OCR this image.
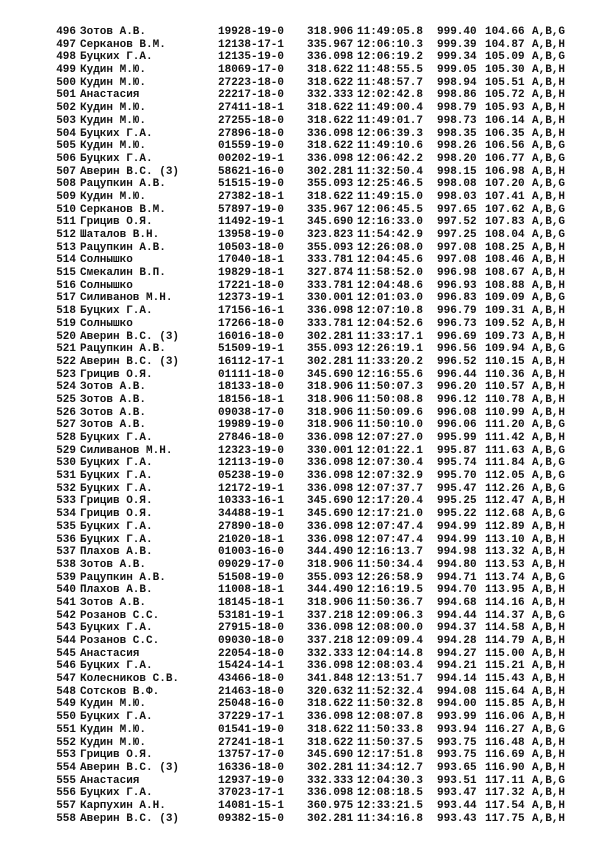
496 Зотов А.В.	19928-19-0 318.906 11:49:05.8 999.40 104.66 A,B,G
497 Серканов В.М.	12138-17-1 335.967 12:06:10.3 999.39 104.87 A,B,H
498 Буцких Г.А.	12135-19-0 336.098 12:06:19.2 999.34 105.09 A,B,G
499 Кудин М.Ю.	18069-17-0 318.622 11:48:55.5 999.05 105.30 A,B,H
500 Кудин М.Ю.	27223-18-0 318.622 11:48:57.7 998.94 105.51 A,B,H
501 Анастасия	22217-18-0 332.333 12:02:42.8 998.86 105.72 A,B,H
502 Кудин М.Ю.	27411-18-1 318.622 11:49:00.4 998.79 105.93 A,B,H
503 Кудин М.Ю.	27255-18-0 318.622 11:49:01.7 998.73 106.14 A,B,H
504 Буцких Г.А.	27896-18-0 336.098 12:06:39.3 998.35 106.35 A,B,H
505 Кудин М.Ю.	01559-19-0 318.622 11:49:10.6 998.26 106.56 A,B,G
506 Буцких Г.А.	00202-19-1 336.098 12:06:42.2 998.20 106.77 A,B,G
507 Аверин В.С. (3)	58621-16-0 302.281 11:32:50.4 998.15 106.98 A,B,H
508 Рацупкин А.В.	51515-19-0 355.093 12:25:46.5 998.08 107.20 A,B,G
509 Кудин М.Ю.	27382-18-1 318.622 11:49:15.0 998.03 107.41 A,B,H
510 Серканов В.М.	57897-19-0 335.967 12:06:45.5 997.65 107.62 A,B,G
511 Грицив О.Я.	11492-19-1 345.690 12:16:33.0 997.52 107.83 A,B,G
512 Шаталов В.Н.	13958-19-0 323.823 11:54:42.9 997.25 108.04 A,B,G
513 Рацупкин А.В.	10503-18-0 355.093 12:26:08.0 997.08 108.25 A,B,H
514 Солнышко	17040-18-1 333.781 12:04:45.6 997.08 108.46 A,B,H
515 Смекалин В.П.	19829-18-1 327.874 11:58:52.0 996.98 108.67 A,B,H
516 Солнышко	17221-18-0 333.781 12:04:48.6 996.93 108.88 A,B,H
517 Силиванов М.Н.	12373-19-1 330.001 12:01:03.0 996.83 109.09 A,B,G
518 Буцких Г.А.	17156-16-1 336.098 12:07:10.8 996.79 109.31 A,B,H
519 Солнышко	17266-18-0 333.781 12:04:52.6 996.73 109.52 A,B,H
520 Аверин В.С. (3)	16016-18-0 302.281 11:33:17.1 996.69 109.73 A,B,H
521 Рацупкин А.В.	51509-19-1 355.093 12:26:19.1 996.56 109.94 A,B,G
522 Аверин В.С. (3)	16112-17-1 302.281 11:33:20.2 996.52 110.15 A,B,H
523 Грицив О.Я.	01111-18-0 345.690 12:16:55.6 996.44 110.36 A,B,H
524 Зотов А.В.	18133-18-0 318.906 11:50:07.3 996.20 110.57 A,B,H
525 Зотов А.В.	18156-18-1 318.906 11:50:08.8 996.12 110.78 A,B,H
526 Зотов А.В.	09038-17-0 318.906 11:50:09.6 996.08 110.99 A,B,H
527 Зотов А.В.	19989-19-0 318.906 11:50:10.0 996.06 111.20 A,B,G
528 Буцких Г.А.	27846-18-0 336.098 12:07:27.0 995.99 111.42 A,B,H
529 Силиванов М.Н.	12323-19-0 330.001 12:01:22.1 995.87 111.63 A,B,G
530 Буцких Г.А.	12113-19-0 336.098 12:07:30.4 995.74 111.84 A,B,G
531 Буцких Г.А.	05238-19-0 336.098 12:07:32.9 995.70 112.05 A,B,G
532 Буцких Г.А.	12172-19-1 336.098 12:07:37.7 995.47 112.26 A,B,G
533 Грицив О.Я.	10333-16-1 345.690 12:17:20.4 995.25 112.47 A,B,H
534 Грицив О.Я.	34488-19-1 345.690 12:17:21.0 995.22 112.68 A,B,G
535 Буцких Г.А.	27890-18-0 336.098 12:07:47.4 994.99 112.89 A,B,H
536 Буцких Г.А.	21020-18-1 336.098 12:07:47.4 994.99 113.10 A,B,H
537 Плахов А.В.	01003-16-0 344.490 12:16:13.7 994.98 113.32 A,B,H
538 Зотов А.В.	09029-17-0 318.906 11:50:34.4 994.80 113.53 A,B,H
539 Рацупкин А.В.	51508-19-0 355.093 12:26:58.9 994.71 113.74 A,B,G
540 Плахов А.В.	11008-18-1 344.490 12:16:19.5 994.70 113.95 A,B,H
541 Зотов А.В.	18145-18-1 318.906 11:50:36.7 994.68 114.16 A,B,H
542 Розанов С.С.	53181-19-1 337.218 12:09:06.3 994.44 114.37 A,B,G
543 Буцких Г.А.	27915-18-0 336.098 12:08:00.0 994.37 114.58 A,B,H
544 Розанов С.С.	09030-18-0 337.218 12:09:09.4 994.28 114.79 A,B,H
545 Анастасия	22054-18-0 332.333 12:04:14.8 994.27 115.00 A,B,H
546 Буцких Г.А.	15424-14-1 336.098 12:08:03.4 994.21 115.21 A,B,H
547 Колесников С.В.	43466-18-0 341.848 12:13:51.7 994.14 115.43 A,B,H
548 Сотсков В.Ф.	21463-18-0 320.632 11:52:32.4 994.08 115.64 A,B,H
549 Кудин М.Ю.	25048-16-0 318.622 11:50:32.8 994.00 115.85 A,B,H
550 Буцких Г.А.	37229-17-1 336.098 12:08:07.8 993.99 116.06 A,B,H
551 Кудин М.Ю.	01541-19-0 318.622 11:50:33.8 993.94 116.27 A,B,G
552 Кудин М.Ю.	27241-18-1 318.622 11:50:37.5 993.75 116.48 A,B,H
553 Грицив О.Я.	13757-17-0 345.690 12:17:51.8 993.75 116.69 A,B,H
554 Аверин В.С. (3)	16336-18-0 302.281 11:34:12.7 993.65 116.90 A,B,H
555 Анастасия	12937-19-0 332.333 12:04:30.3 993.51 117.11 A,B,G
556 Буцких Г.А.	37023-17-1 336.098 12:08:18.5 993.47 117.32 A,B,H
557 Карпухин А.Н.	14081-15-1 360.975 12:33:21.5 993.44 117.54 A,B,H
558 Аверин В.С. (3)	09382-15-0 302.281 11:34:16.8 993.43 117.75 A,B,H
